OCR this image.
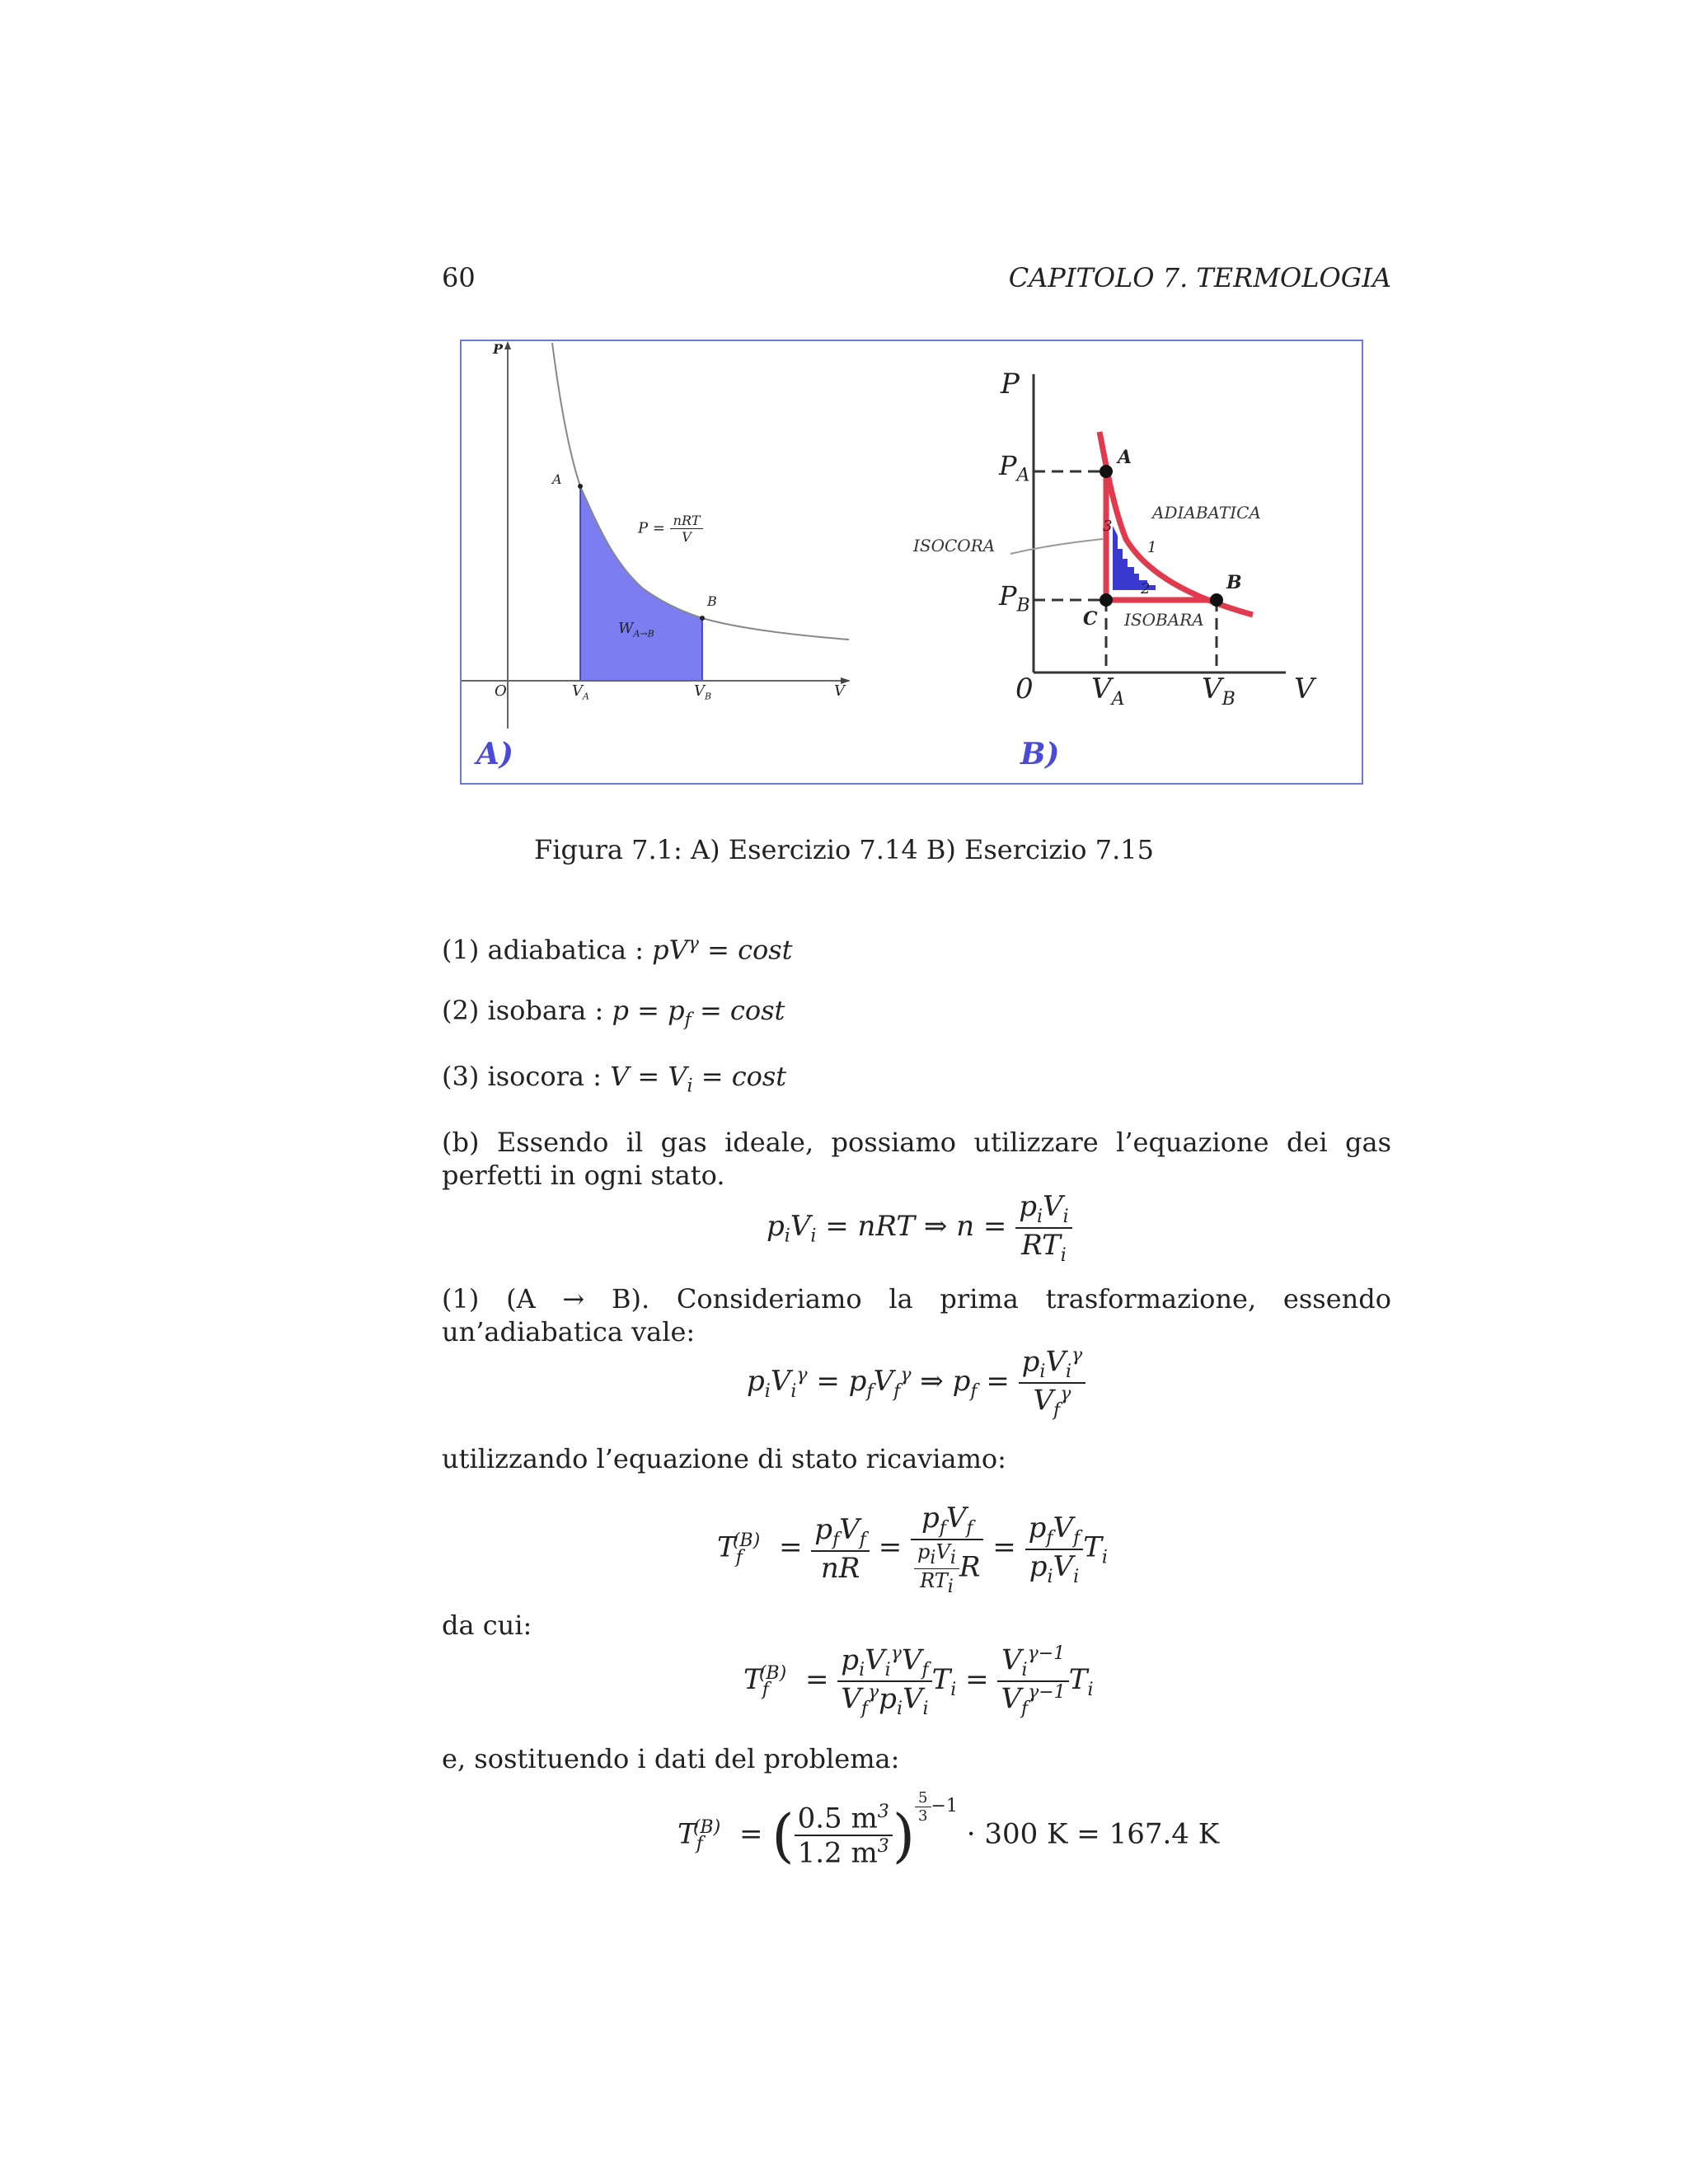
60	CAPITOLO 7. TERMOLOGIA
P
A
B
O	$V_A$	$V_B$	V
$P = \frac{\text{nRT}}{V}$
$W_{A\to B}$
A)
P
$P_A$
$P_B$
A
B
C
ADIABATICA
ISOCORA
ISOBARA
1
2
3
0 $V_A$	$V_B$ V
B)
Figura 7.1: A) Esercizio 7.14 B) Esercizio 7.15
(1) adiabatica : $pV^\gamma = \cos t$
(2) isobara : $p = p_f = \cos t$
(3) isocora : $V = V_i = \cos t$
(b) Essendo il gas ideale, possiamo utilizzare l’equazione dei gas perfetti in ogni stato.
$p_iV_i$ = nRT ⇒ $n = \frac{p_iV_i}{RT_i}$
(1) (A → B). Consideriamo la prima trasformazione, essendo un’adiabatica vale:
$p_iV_i^\gamma = p_fV_f^\gamma$ ⇒ $p_f = \frac{p_iV_i^\gamma}{V_f^\gamma}$
utilizzando l’equazione di stato ricaviamo:
$T_f^{(B)} = \frac{p_fV_f}{nR} = \frac{p_fV_f}{\frac{p_iV_i}{RT_i} R} = \frac{p_fV_f}{p_iV_i} T_i$
da cui:
$T_f^{(B)} = \frac{p_iV_i^\gamma V_f}{V_f^\gamma p_iV_i} T_i = \frac{V_i^{\gamma-1}}{V_f^{\gamma-1}} T_i$
e, sostituendo i dati del problema:
$T_f^{(B)}$ = ( $\frac{0.5 m^3}{1.2 m^3}$ ) $^{\frac{5}{3} -1}$ · 300 K = 167.4 K
